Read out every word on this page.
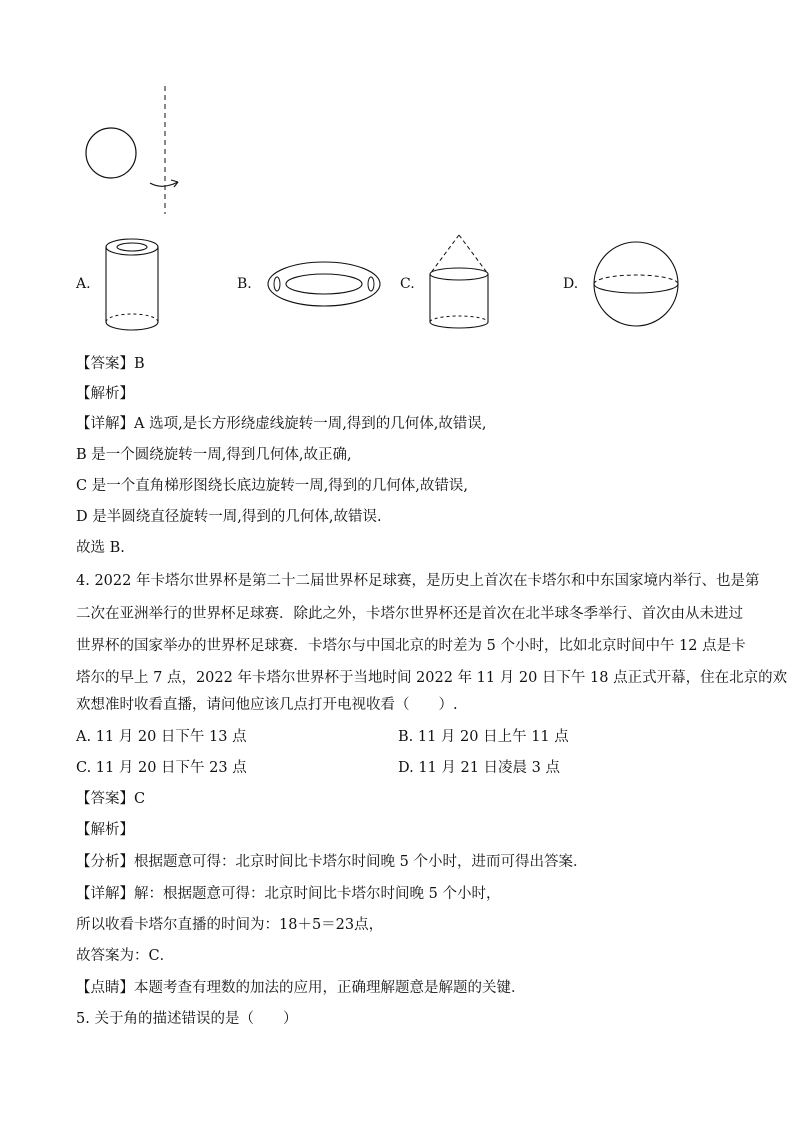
A.	B.	C.	D.
【答案】B
【解析】
【详解】A 选项,是长方形绕虚线旋转一周,得到的几何体,故错误,
B 是一个圆绕旋转一周,得到几何体,故正确,
C 是一个直角梯形图绕长底边旋转一周,得到的几何体,故错误,
D 是半圆绕直径旋转一周,得到的几何体,故错误.
故选 B.
4. 2022 年卡塔尔世界杯是第二十二届世界杯足球赛，是历史上首次在卡塔尔和中东国家境内举行、也是第
二次在亚洲举行的世界杯足球赛．除此之外，卡塔尔世界杯还是首次在北半球冬季举行、首次由从未进过
世界杯的国家举办的世界杯足球赛．卡塔尔与中国北京的时差为 5 个小时，比如北京时间中午 12 点是卡
塔尔的早上 7 点，2022 年卡塔尔世界杯于当地时间 2022 年 11 月 20 日下午 18 点正式开幕，住在北京的欢
欢想准时收看直播，请问他应该几点打开电视收看（　　）.
A. 11 月 20 日下午 13 点	B. 11 月 20 日上午 11 点
C. 11 月 20 日下午 23 点	D. 11 月 21 日凌晨 3 点
【答案】C
【解析】
【分析】根据题意可得：北京时间比卡塔尔时间晚 5 个小时，进而可得出答案．
【详解】解：根据题意可得：北京时间比卡塔尔时间晚 5 个小时，
所以收看卡塔尔直播的时间为：18＋5＝23点，
故答案为：C．
【点睛】本题考查有理数的加法的应用，正确理解题意是解题的关键．
5. 关于角的描述错误的是（　　）
